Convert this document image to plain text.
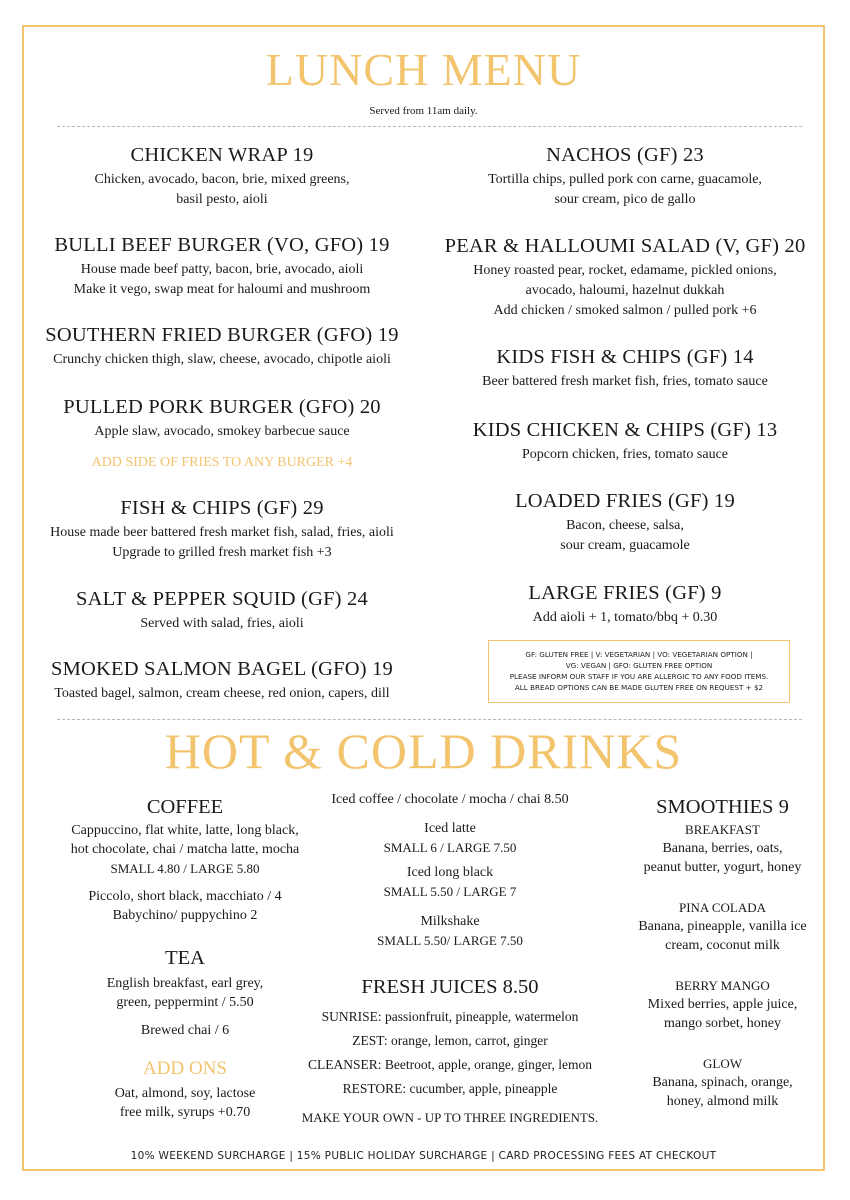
LUNCH MENU
Served from 11am daily.
CHICKEN WRAP 19
Chicken, avocado, bacon, brie, mixed greens,
basil pesto, aioli
BULLI BEEF BURGER (VO, GFO) 19
House made beef patty, bacon, brie, avocado, aioli
Make it vego, swap meat for haloumi and mushroom
SOUTHERN FRIED BURGER (GFO) 19
Crunchy chicken thigh, slaw, cheese, avocado, chipotle aioli
PULLED PORK BURGER (GFO) 20
Apple slaw, avocado, smokey barbecue sauce
ADD SIDE OF FRIES TO ANY BURGER +4
FISH & CHIPS (GF) 29
House made beer battered fresh market fish, salad, fries, aioli
Upgrade to grilled fresh market fish +3
SALT & PEPPER SQUID (GF) 24
Served with salad, fries, aioli
SMOKED SALMON BAGEL (GFO) 19
Toasted bagel, salmon, cream cheese, red onion, capers, dill
NACHOS (GF) 23
Tortilla chips, pulled pork con carne, guacamole,
sour cream, pico de gallo
PEAR & HALLOUMI SALAD (V, GF) 20
Honey roasted pear, rocket, edamame, pickled onions,
avocado, haloumi, hazelnut dukkah
Add chicken / smoked salmon / pulled pork +6
KIDS FISH & CHIPS (GF) 14
Beer battered fresh market fish, fries, tomato sauce
KIDS CHICKEN & CHIPS (GF) 13
Popcorn chicken, fries, tomato sauce
LOADED FRIES (GF) 19
Bacon, cheese, salsa,
sour cream, guacamole
LARGE FRIES (GF) 9
Add aioli + 1, tomato/bbq + 0.30
GF: GLUTEN FREE | V: VEGETARIAN | VO: VEGETARIAN OPTION |
VG: VEGAN | GFO: GLUTEN FREE OPTION
PLEASE INFORM OUR STAFF IF YOU ARE ALLERGIC TO ANY FOOD ITEMS.
ALL BREAD OPTIONS CAN BE MADE GLUTEN FREE ON REQUEST + $2
HOT & COLD DRINKS
COFFEE
Cappuccino, flat white, latte, long black,
hot chocolate, chai / matcha latte, mocha
SMALL 4.80 / LARGE 5.80
Piccolo, short black, macchiato / 4
Babychino/ puppychino 2
TEA
English breakfast, earl grey,
green, peppermint / 5.50
Brewed chai / 6
ADD ONS
Oat, almond, soy, lactose
free milk, syrups +0.70
Iced coffee / chocolate / mocha / chai 8.50
Iced latte
SMALL 6 / LARGE 7.50
Iced long black
SMALL 5.50 / LARGE 7
Milkshake
SMALL 5.50/ LARGE 7.50
FRESH JUICES 8.50
SUNRISE: passionfruit, pineapple, watermelon
ZEST: orange, lemon, carrot, ginger
CLEANSER: Beetroot, apple, orange, ginger, lemon
RESTORE: cucumber, apple, pineapple
MAKE YOUR OWN - UP TO THREE INGREDIENTS.
SMOOTHIES 9
BREAKFAST
Banana, berries, oats,
peanut butter, yogurt, honey
PINA COLADA
Banana, pineapple, vanilla ice
cream, coconut milk
BERRY MANGO
Mixed berries, apple juice,
mango sorbet, honey
GLOW
Banana, spinach, orange,
honey, almond milk
10% WEEKEND SURCHARGE | 15% PUBLIC HOLIDAY SURCHARGE | CARD PROCESSING FEES AT CHECKOUT
